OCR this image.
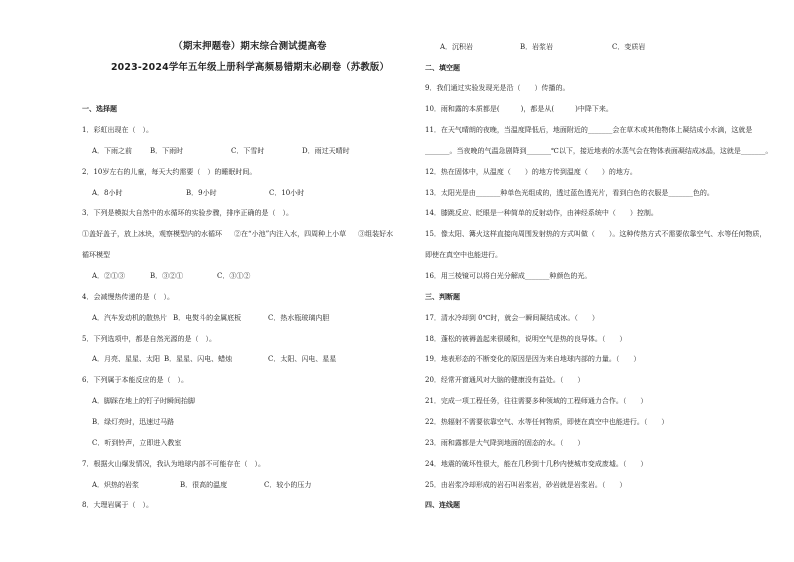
（期末押题卷）期末综合测试提高卷
2023-2024学年五年级上册科学高频易错期末必刷卷（苏教版）
一、选择题
1．彩虹出现在（　）。
A．下雨之前	B．下雨时	C．下雪时	D．雨过天晴时
2．10岁左右的儿童，每天大约需要（　）的睡眠时间。
A．8小时	B．9小时	C．10小时
3．下列是模拟大自然中的水循环的实验步骤，排序正确的是（　）。
①盖好盖子，放上冰块，观察模型内的水循环 ②在“小池”内注入水，四周种上小草 ③组装好水循环模型
A．②①③	B．③②①	C．③①②
4．会减慢热传递的是（　）。
A．汽车发动机的散热片 B．电熨斗的金属底板	C．热水瓶玻璃内胆
5．下列选项中，都是自然光源的是（　）。
A．月亮、星星、太阳 B．星星、闪电、蜡烛	C．太阳、闪电、星星
6．下列属于本能反应的是（　）。
A．脚踩在地上的钉子时瞬间抬脚
B．绿灯亮时，迅速过马路
C．听到铃声，立即进入教室
7．根据火山爆发情况，我认为地球内部不可能存在（　）。
A．炽热的岩浆	B．很高的温度	C．较小的压力
8．大理岩属于（　）。
A．沉积岩	B．岩浆岩	C．变质岩
二、填空题
9．我们通过实验发现光是沿（　　）传播的。
10．雨和露的本质都是(　　　)，都是从(　　　)中降下来。
11．在天气晴朗的夜晚，当温度降低后，地面附近的_______会在草木或其他物体上凝结成小水滴，这就是_______。当夜晚的气温急剧降到_______℃以下，接近地表的水蒸气会在物体表面凝结成冰晶，这就是_______。
12．热在固体中，从温度（　　）的地方传到温度（　　）的地方。
13．太阳光是由_______种单色光组成的，透过蓝色透光片，看到白色的衣服是_______色的。
14．膝跳反应、眨眼是一种简单的反射动作，由神经系统中（　　）控制。
15．像太阳、篝火这样直接向周围发射热的方式叫做（　　）。这种传热方式不需要依靠空气、水等任何物质，即使在真空中也能进行。
16．用三棱镜可以将白光分解成_______种颜色的光。
三、判断题
17．清水冷却到 0℃时，就会一瞬间凝结成冰。（　　）
18．蓬松的被褥盖起来很暖和，说明空气是热的良导体。（　　）
19．地表形态的不断变化的原因是因为来自地球内部的力量。（　　）
20．经常开窗通风对大脑的健康没有益处。（　　）
21．完成一项工程任务，往往需要多种领域的工程师通力合作。（　　）
22．热辐射不需要依靠空气、水等任何物质，即使在真空中也能进行。（　　）
23．雨和露都是大气降到地面的固态的水。（　　）
24．地震的破坏性很大，能在几秒到十几秒内使城市变成废墟。（　　）
25．由岩浆冷却形成的岩石叫岩浆岩，砂岩就是岩浆岩。（　　）
四、连线题
